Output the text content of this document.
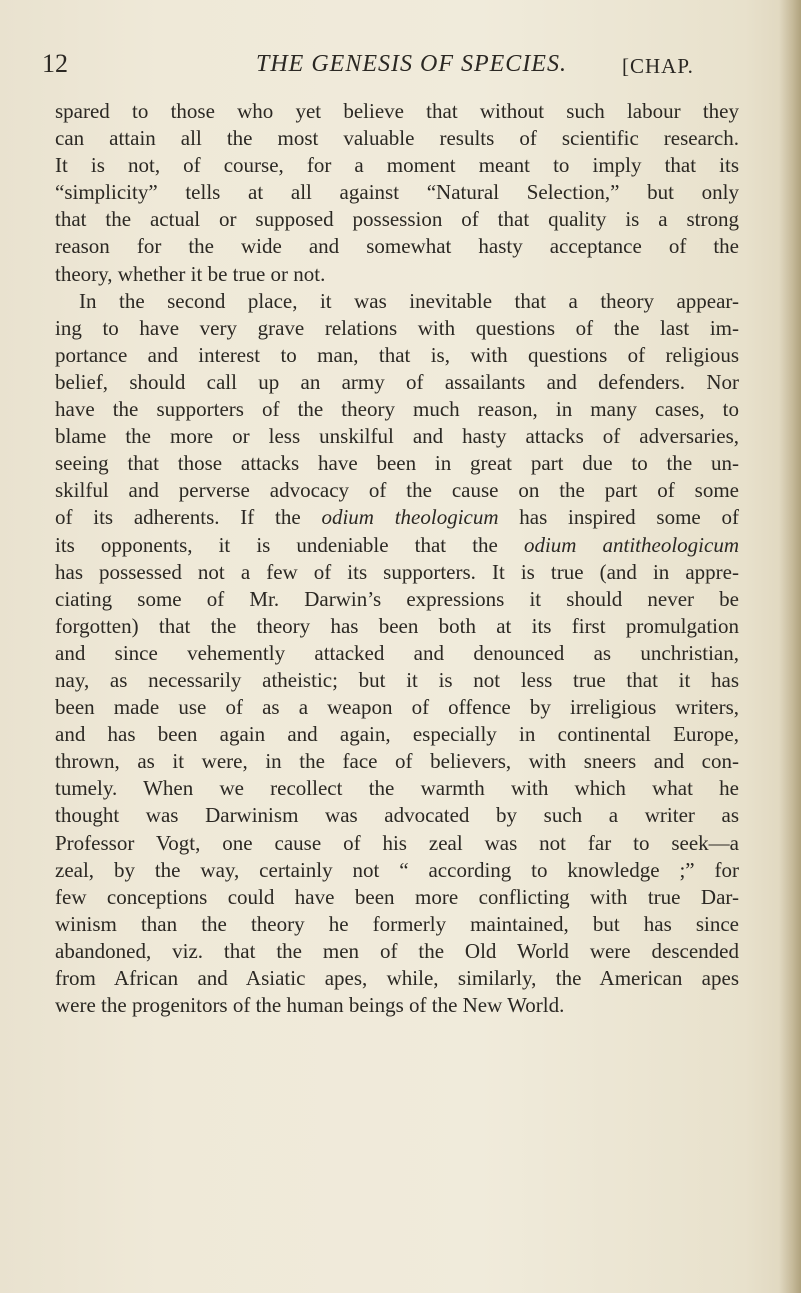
12	THE GENESIS OF SPECIES.	[CHAP.
spared to those who yet believe that without such labour they
can attain all the most valuable results of scientific research.
It is not, of course, for a moment meant to imply that its
“simplicity” tells at all against “Natural Selection,” but only
that the actual or supposed possession of that quality is a strong
reason for the wide and somewhat hasty acceptance of the
theory, whether it be true or not.
In the second place, it was inevitable that a theory appear-
ing to have very grave relations with questions of the last im-
portance and interest to man, that is, with questions of religious
belief, should call up an army of assailants and defenders. Nor
have the supporters of the theory much reason, in many cases, to
blame the more or less unskilful and hasty attacks of adversaries,
seeing that those attacks have been in great part due to the un-
skilful and perverse advocacy of the cause on the part of some
of its adherents. If the odium theologicum has inspired some of
its opponents, it is undeniable that the odium antitheologicum
has possessed not a few of its supporters. It is true (and in appre-
ciating some of Mr. Darwin’s expressions it should never be
forgotten) that the theory has been both at its first promulgation
and since vehemently attacked and denounced as unchristian,
nay, as necessarily atheistic; but it is not less true that it has
been made use of as a weapon of offence by irreligious writers,
and has been again and again, especially in continental Europe,
thrown, as it were, in the face of believers, with sneers and con-
tumely. When we recollect the warmth with which what he
thought was Darwinism was advocated by such a writer as
Professor Vogt, one cause of his zeal was not far to seek—a
zeal, by the way, certainly not “ according to knowledge ;” for
few conceptions could have been more conflicting with true Dar-
winism than the theory he formerly maintained, but has since
abandoned, viz. that the men of the Old World were descended
from African and Asiatic apes, while, similarly, the American apes
were the progenitors of the human beings of the New World.
